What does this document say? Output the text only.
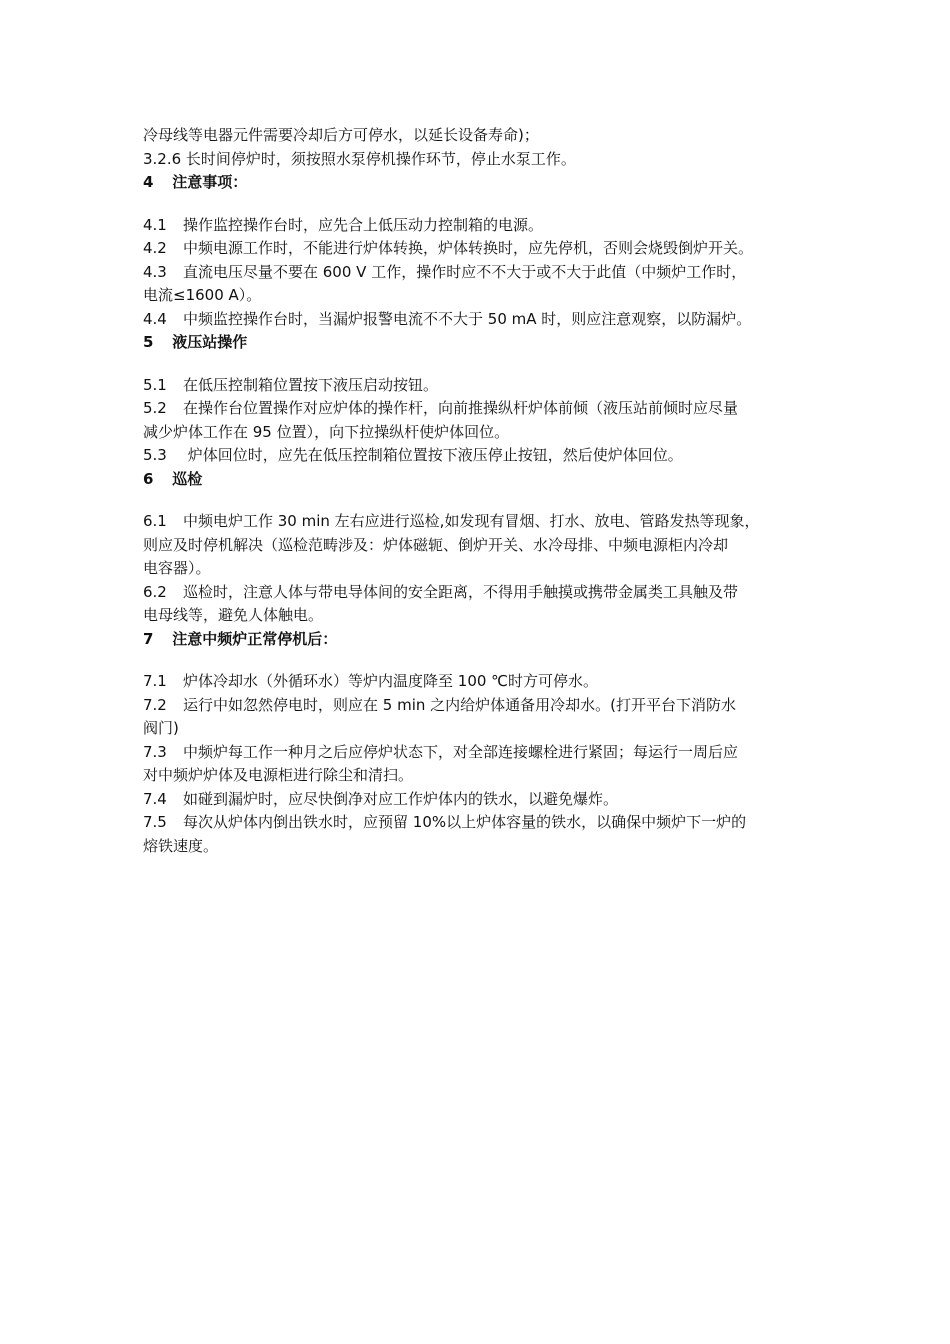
冷母线等电器元件需要冷却后方可停水，以延长设备寿命)；
3.2.6 长时间停炉时，须按照水泵停机操作环节，停止水泵工作。
4 注意事项：
4.1 操作监控操作台时，应先合上低压动力控制箱的电源。
4.2 中频电源工作时，不能进行炉体转换，炉体转换时，应先停机，否则会烧毁倒炉开关。
4.3 直流电压尽量不要在 600 V 工作，操作时应不不大于或不大于此值（中频炉工作时，
电流≤1600 A）。
4.4 中频监控操作台时，当漏炉报警电流不不大于 50 mA 时，则应注意观察，以防漏炉。
5 液压站操作
5.1 在低压控制箱位置按下液压启动按钮。
5.2 在操作台位置操作对应炉体的操作杆，向前推操纵杆炉体前倾（液压站前倾时应尽量
减少炉体工作在 95 位置），向下拉操纵杆使炉体回位。
5.3 炉体回位时，应先在低压控制箱位置按下液压停止按钮，然后使炉体回位。
6 巡检
6.1 中频电炉工作 30 min 左右应进行巡检,如发现有冒烟、打水、放电、管路发热等现象，
则应及时停机解决（巡检范畴涉及：炉体磁轭、倒炉开关、水冷母排、中频电源柜内冷却
电容器）。
6.2 巡检时，注意人体与带电导体间的安全距离，不得用手触摸或携带金属类工具触及带
电母线等，避免人体触电。
7 注意中频炉正常停机后：
7.1 炉体冷却水（外循环水）等炉内温度降至 100 ℃时方可停水。
7.2 运行中如忽然停电时，则应在 5 min 之内给炉体通备用冷却水。(打开平台下消防水
阀门)
7.3 中频炉每工作一种月之后应停炉状态下，对全部连接螺栓进行紧固；每运行一周后应
对中频炉炉体及电源柜进行除尘和清扫。
7.4 如碰到漏炉时，应尽快倒净对应工作炉体内的铁水，以避免爆炸。
7.5 每次从炉体内倒出铁水时，应预留 10%以上炉体容量的铁水，以确保中频炉下一炉的
熔铁速度。
